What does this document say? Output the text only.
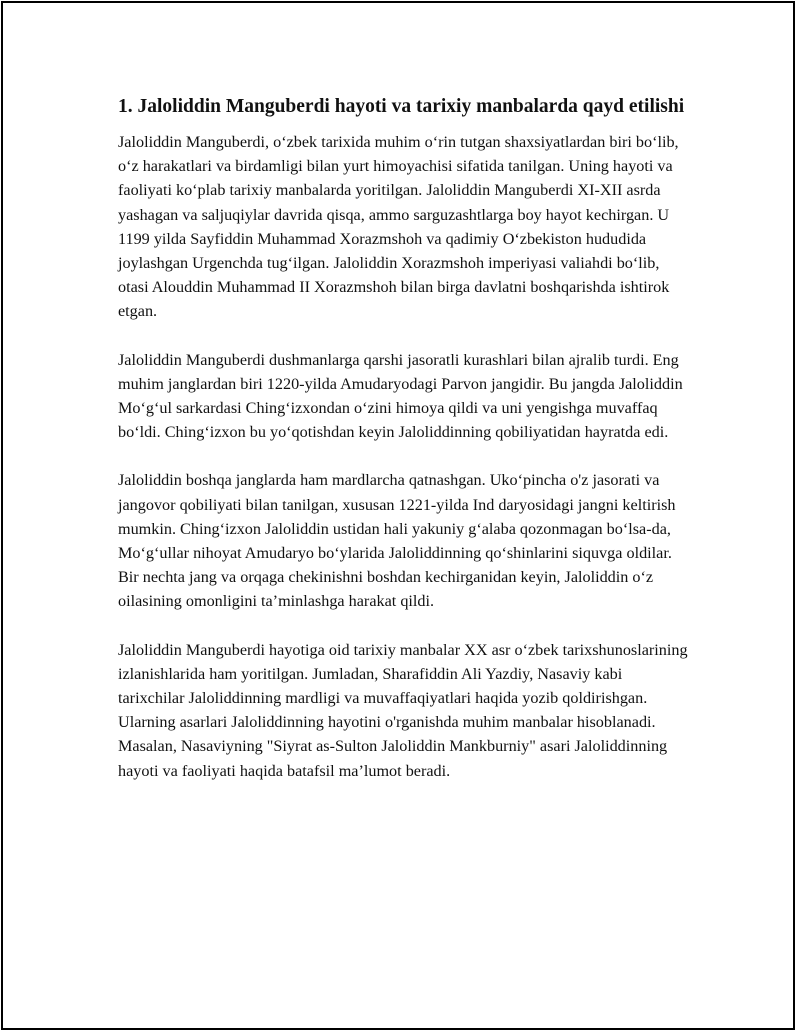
1. Jaloliddin Manguberdi hayoti va tarixiy manbalarda qayd etilishi

Jaloliddin Manguberdi, o‘zbek tarixida muhim o‘rin tutgan shaxsiyatlardan biri bo‘lib, o‘z harakatlari va birdamligi bilan yurt himoyachisi sifatida tanilgan. Uning hayoti va faoliyati ko‘plab tarixiy manbalarda yoritilgan. Jaloliddin Manguberdi XI-XII asrda yashagan va saljuqiylar davrida qisqa, ammo sarguzashtlarga boy hayot kechirgan. U 1199 yilda Sayfiddin Muhammad Xorazmshoh va qadimiy O‘zbekiston hududida joylashgan Urgenchda tug‘ilgan. Jaloliddin Xorazmshoh imperiyasi valiahdi bo‘lib, otasi Alouddin Muhammad II Xorazmshoh bilan birga davlatni boshqarishda ishtirok etgan.

Jaloliddin Manguberdi dushmanlarga qarshi jasoratli kurashlari bilan ajralib turdi. Eng muhim janglardan biri 1220-yilda Amudaryodagi Parvon jangidir. Bu jangda Jaloliddin Mo‘g‘ul sarkardasi Ching‘izxondan o‘zini himoya qildi va uni yengishga muvaffaq bo‘ldi. Ching‘izxon bu yo‘qotishdan keyin Jaloliddinning qobiliyatidan hayratda edi.

Jaloliddin boshqa janglarda ham mardlarcha qatnashgan. Uko‘pincha o'z jasorati va jangovor qobiliyati bilan tanilgan, xususan 1221-yilda Ind daryosidagi jangni keltirish mumkin. Ching‘izxon Jaloliddin ustidan hali yakuniy g‘alaba qozonmagan bo‘lsa-da, Mo‘g‘ullar nihoyat Amudaryo bo‘ylarida Jaloliddinning qo‘shinlarini siquvga oldilar. Bir nechta jang va orqaga chekinishni boshdan kechirganidan keyin, Jaloliddin o‘z oilasining omonligini ta’minlashga harakat qildi.

Jaloliddin Manguberdi hayotiga oid tarixiy manbalar XX asr o‘zbek tarixshunoslarining izlanishlarida ham yoritilgan. Jumladan, Sharafiddin Ali Yazdiy, Nasaviy kabi tarixchilar Jaloliddinning mardligi va muvaffaqiyatlari haqida yozib qoldirishgan. Ularning asarlari Jaloliddinning hayotini o'rganishda muhim manbalar hisoblanadi. Masalan, Nasaviyning "Siyrat as-Sulton Jaloliddin Mankburniy" asari Jaloliddinning hayoti va faoliyati haqida batafsil ma’lumot beradi.
